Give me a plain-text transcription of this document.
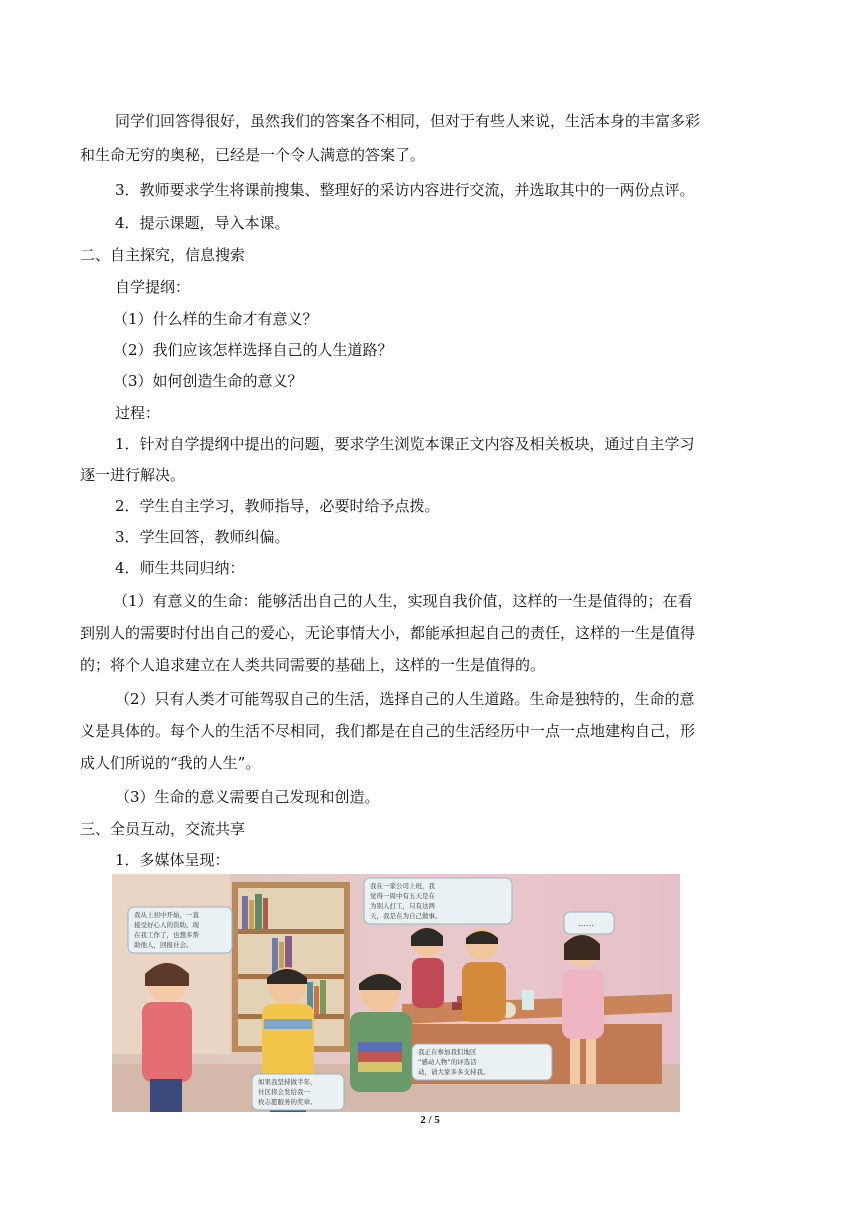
同学们回答得很好，虽然我们的答案各不相同，但对于有些人来说，生活本身的丰富多彩
和生命无穷的奥秘，已经是一个令人满意的答案了。
3．教师要求学生将课前搜集、整理好的采访内容进行交流，并选取其中的一两份点评。
4．提示课题，导入本课。
二、自主探究，信息搜索
自学提纲：
（1）什么样的生命才有意义？
（2）我们应该怎样选择自己的人生道路？
（3）如何创造生命的意义？
过程：
1．针对自学提纲中提出的问题，要求学生浏览本课正文内容及相关板块，通过自主学习
逐一进行解决。
2．学生自主学习，教师指导，必要时给予点拨。
3．学生回答，教师纠偏。
4．师生共同归纳：
（1）有意义的生命：能够活出自己的人生，实现自我价值，这样的一生是值得的；在看
到别人的需要时付出自己的爱心，无论事情大小，都能承担起自己的责任，这样的一生是值得
的；将个人追求建立在人类共同需要的基础上，这样的一生是值得的。
（2）只有人类才可能驾驭自己的生活，选择自己的人生道路。生命是独特的，生命的意
义是具体的。每个人的生活不尽相同，我们都是在自己的生活经历中一点一点地建构自己，形
成人们所说的“我的人生”。
（3）生命的意义需要自己发现和创造。
三、全员互动，交流共享
1．多媒体呈现：
我从上初中开始，一直 接受好心人的资助。现 在我工作了，也想多帮 助他人，回报社会。
我在一家公司上班，我 觉得一周中有五天是在 为别人打工，只有这两 天，我是在为自己做事。
……
如果我坚持做半年， 社区将会发给我一 枚志愿服务的奖章。
我正在参加我们地区 “感动人物”的评选活 动，请大家多多支持我。
2 / 5
